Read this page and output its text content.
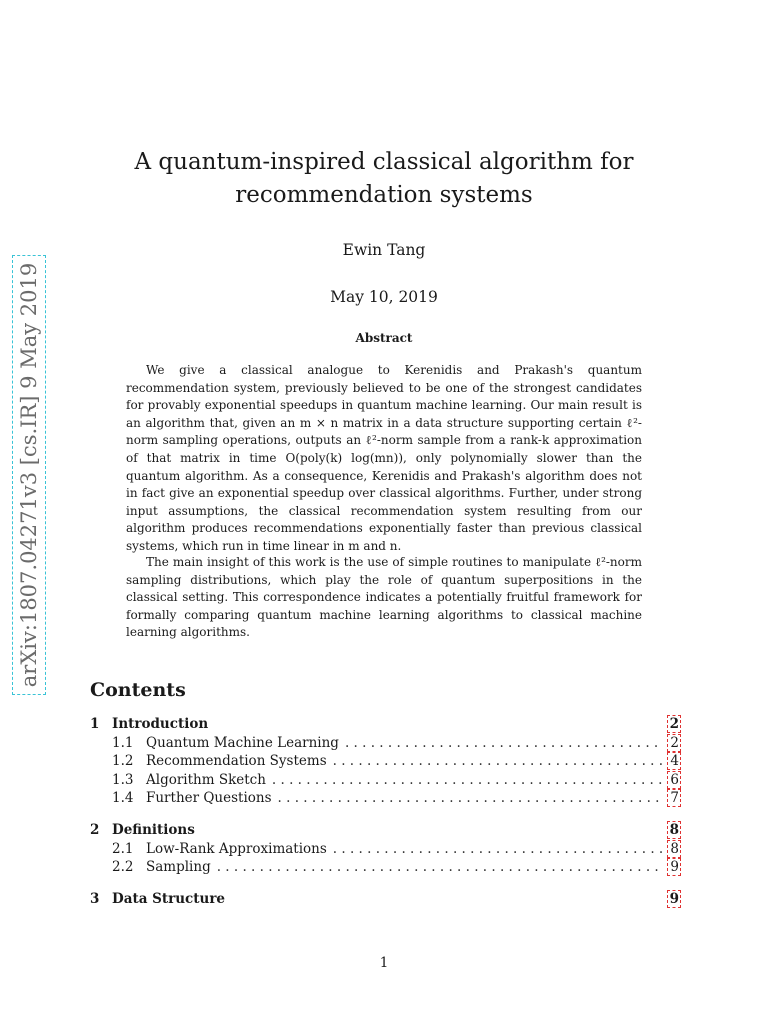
arXiv:1807.04271v3 [cs.IR] 9 May 2019
A quantum-inspired classical algorithm for
recommendation systems
Ewin Tang
May 10, 2019
Abstract

We give a classical analogue to Kerenidis and Prakash's quantum recommendation system, previously believed to be one of the strongest candidates for provably exponential speedups in quantum machine learning. Our main result is an algorithm that, given an m × n matrix in a data structure supporting certain ℓ²-norm sampling operations, outputs an ℓ²-norm sample from a rank-k approximation of that matrix in time O(poly(k) log(mn)), only polynomially slower than the quantum algorithm. As a consequence, Kerenidis and Prakash's algorithm does not in fact give an exponential speedup over classical algorithms. Further, under strong input assumptions, the classical recommendation system resulting from our algorithm produces recommendations exponentially faster than previous classical systems, which run in time linear in m and n.

The main insight of this work is the use of simple routines to manipulate ℓ²-norm sampling distributions, which play the role of quantum superpositions in the classical setting. This correspondence indicates a potentially fruitful framework for formally comparing quantum machine learning algorithms to classical machine learning algorithms.

Contents
1 Introduction	2
1.1 Quantum Machine Learning . . .	2
1.2 Recommendation Systems . . .	4
1.3 Algorithm Sketch . . .	6
1.4 Further Questions . . .	7
2 Definitions	8
2.1 Low-Rank Approximations . . .	8
2.2 Sampling . . .	9
3 Data Structure	9
1
